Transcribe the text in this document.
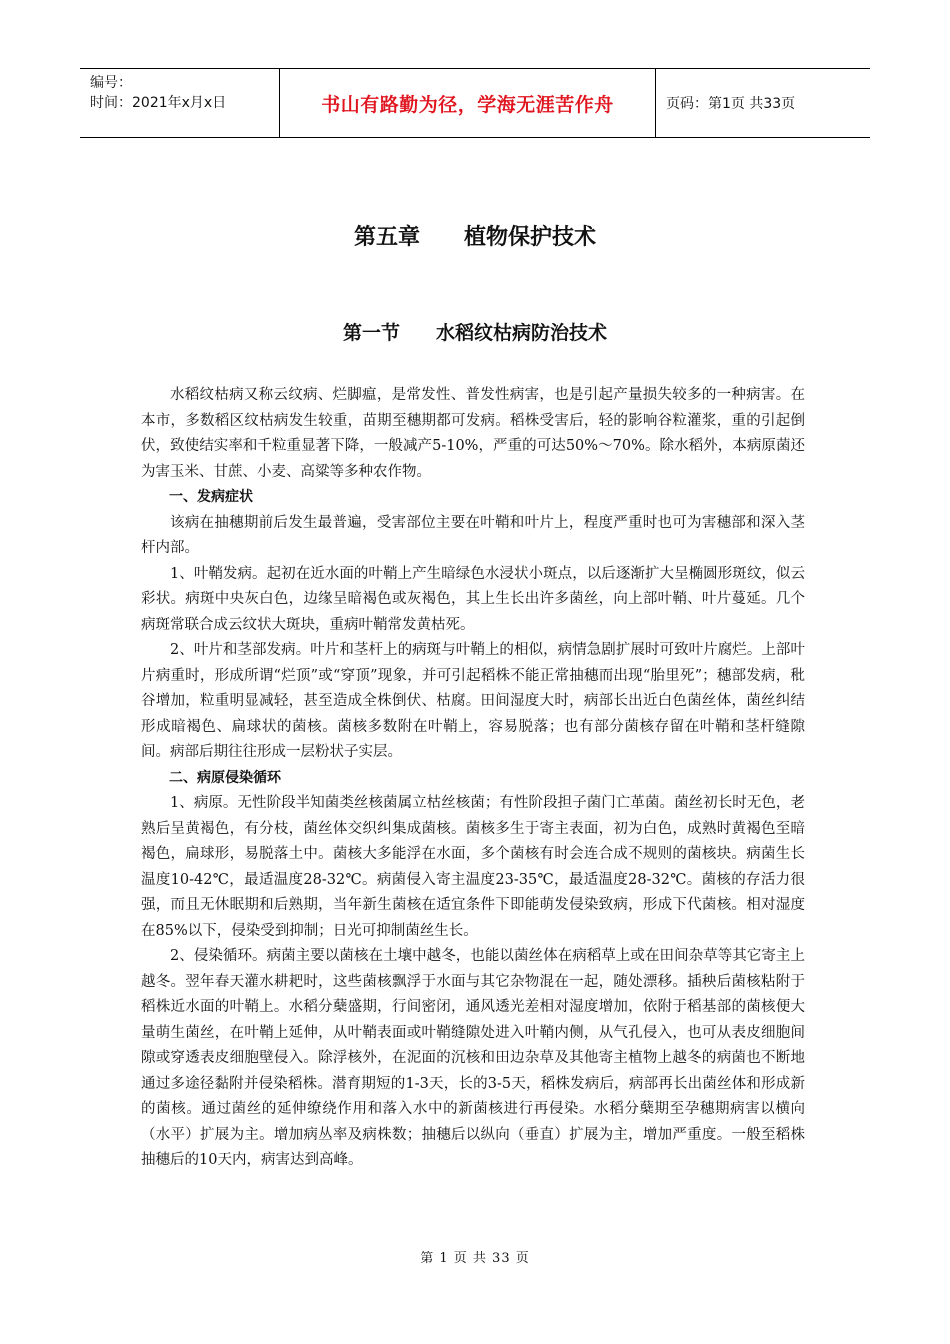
编号：
时间：2021年x月x日	书山有路勤为径，学海无涯苦作舟	页码：第1页 共33页
第五章 植物保护技术
第一节 水稻纹枯病防治技术

水稻纹枯病又称云纹病、烂脚瘟，是常发性、普发性病害，也是引起产量损失较多的一种病害。在本市，多数稻区纹枯病发生较重，苗期至穗期都可发病。稻株受害后，轻的影响谷粒灌浆，重的引起倒伏，致使结实率和千粒重显著下降，一般减产5-10%，严重的可达50%～70%。除水稻外，本病原菌还为害玉米、甘蔗、小麦、高粱等多种农作物。

一、发病症状

该病在抽穗期前后发生最普遍，受害部位主要在叶鞘和叶片上，程度严重时也可为害穗部和深入茎杆内部。

1、叶鞘发病。起初在近水面的叶鞘上产生暗绿色水浸状小斑点，以后逐渐扩大呈椭圆形斑纹，似云彩状。病斑中央灰白色，边缘呈暗褐色或灰褐色，其上生长出许多菌丝，向上部叶鞘、叶片蔓延。几个病斑常联合成云纹状大斑块，重病叶鞘常发黄枯死。

2、叶片和茎部发病。叶片和茎杆上的病斑与叶鞘上的相似，病情急剧扩展时可致叶片腐烂。上部叶片病重时，形成所谓“烂顶”或“穿顶”现象，并可引起稻株不能正常抽穗而出现“胎里死”；穗部发病，秕谷增加，粒重明显减轻，甚至造成全株倒伏、枯腐。田间湿度大时，病部长出近白色菌丝体，菌丝纠结形成暗褐色、扁球状的菌核。菌核多数附在叶鞘上，容易脱落；也有部分菌核存留在叶鞘和茎杆缝隙间。病部后期往往形成一层粉状子实层。

二、病原侵染循环

1、病原。无性阶段半知菌类丝核菌属立枯丝核菌；有性阶段担子菌门亡革菌。菌丝初长时无色，老熟后呈黄褐色，有分枝，菌丝体交织纠集成菌核。菌核多生于寄主表面，初为白色，成熟时黄褐色至暗褐色，扁球形，易脱落土中。菌核大多能浮在水面，多个菌核有时会连合成不规则的菌核块。病菌生长温度10-42℃，最适温度28-32℃。病菌侵入寄主温度23-35℃，最适温度28-32℃。菌核的存活力很强，而且无休眠期和后熟期，当年新生菌核在适宜条件下即能萌发侵染致病，形成下代菌核。相对湿度在85%以下，侵染受到抑制；日光可抑制菌丝生长。

2、侵染循环。病菌主要以菌核在土壤中越冬，也能以菌丝体在病稻草上或在田间杂草等其它寄主上越冬。翌年春天灌水耕耙时，这些菌核飘浮于水面与其它杂物混在一起，随处漂移。插秧后菌核粘附于稻株近水面的叶鞘上。水稻分蘖盛期，行间密闭，通风透光差相对湿度增加，依附于稻基部的菌核便大量萌生菌丝，在叶鞘上延伸，从叶鞘表面或叶鞘缝隙处进入叶鞘内侧，从气孔侵入，也可从表皮细胞间隙或穿透表皮细胞壁侵入。除浮核外，在泥面的沉核和田边杂草及其他寄主植物上越冬的病菌也不断地通过多途径黏附并侵染稻株。潜育期短的1-3天，长的3-5天，稻株发病后，病部再长出菌丝体和形成新的菌核。通过菌丝的延伸缭绕作用和落入水中的新菌核进行再侵染。水稻分蘖期至孕穗期病害以横向（水平）扩展为主。增加病丛率及病株数；抽穗后以纵向（垂直）扩展为主，增加严重度。一般至稻株抽穗后的10天内，病害达到高峰。

第 1 页 共 33 页
